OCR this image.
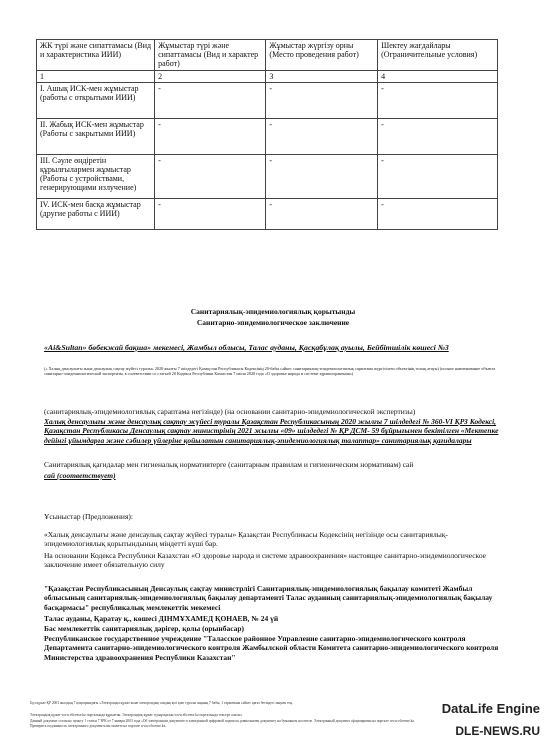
ЖК түрі және сипаттамасы (Вид и характеристика ИИИ)	Жұмыстар түрі және сипаттамасы (Вид и характер работ)	Жұмыстар жүргізу орны (Место проведения работ)	Шектеу жағдайлары (Ограничительные условия)
1	2	3	4
I. Ашық ИСК-мен жұмыстар (работы с открытыми ИИИ)	-	-	-
II. Жабық ИСК-мен жұмыстар (Работы с закрытыми ИИИ)	-	-	-
III. Сәуле өндіретін құрылғылармен жұмыстар (Работы с устройствами, генерирующими излучение)	-	-	-
IV. ИСК-мен басқа жұмыстар (другие работы с ИИИ)	-	-	-
Санитариялық-эпидемиологиялық қорытынды
Санитарно-эпидемиологическое заключение
«Ai&Sultan» бөбекжай бақша» мекемесі, Жамбыл облысы, Талас ауданы, Қасқабұлақ ауылы, Бейбітшілік көшесі №3
(« Халық денсаулығы және денсаулық сақтау жүйесі туралы» 2020 жылғы 7 шілдедегі Қазақстан Республикасы Кодексінің 20-бабы сәйкес санитариялық-эпидемиологиялық сараптама жүргізілген объектінің толық атауы) (полное наименование объекта санитарно-эпидемиологической экспертизы, в соответствии со статьей 20 Кодекса Республики Казахстан 7 июля 2020 года «О здоровье народа и системе здравоохранения»)
(санитариялық-эпидемиологиялық сараптама негізінде) (на основании санитарно-эпидемиологической экспертизы)
Халық денсаулығы және денсаулық сақтау жүйесі туралы Қазақстан Республикасының 2020 жылғы 7 шілдедегі № 360-VI ҚРЗ Кодексі, Қазақстан Республикасы Денсаулық сақтау министрінің 2021 жылғы «09» шілдедегі № ҚР ДСМ- 59 бұйрығымен бекітілген «Мектепке дейінгі ұйымдарға және сәбилер үйлеріне қойылатын санитариялық-эпидемиологиялық талаптар» санитариялық қағидалары
Санитариялық қағидалар мен гигиеналық нормативтерге (санитарным правилам и гигиеническим нормативам) сай
сай (соответствует)
Ұсыныстар (Предложения):
«Халық денсаулығы және денсаулық сақтау жүйесі туралы» Қазақстан Республикасы Кодексінің негізінде осы санитариялық-эпидемиологиялық қорытындының міндетті күші бар.
На основании Кодекса Республики Казахстан «О здоровье народа и системе здравоохранения» настоящее санитарно-эпидемиологическое заключение имеет обязательную силу
"Қазақстан Республикасының Денсаулық сақтау министрлігі Санитариялық-эпидемиологиялық бақылау комитеті Жамбыл облысының санитариялық-эпидемиологиялық бақылау департаменті Талас ауданның санитариялық-эпидемиологиялық бақылау басқармасы" республикалық мемлекеттік мекемесі
Талас ауданы, Қаратау қ., көшесі ДІНМҰХАМЕД ҚОНАЕВ, № 24 үй
Бас мемлекеттік санитариялық дәрігер, қолы (орынбасар)
Республиканское государственное учреждение "Таласское районное Управление санитарно-эпидемиологического контроля Департамента санитарно-эпидемиологического контроля Жамбылской области Комитета санитарно-эпидемиологического контроля Министерства здравоохранения Республики Казахстан"
Бұл құжат ҚР 2003 жылдың 7 қаңтарындағы «Электронды құжат және электрондық сандық қол қою туралы заңның 7 бабы, 1 тармағына сәйкес қағаз бетіндегі заңмен тең.
Электрондық құжат www.elicense.kz порталында құрылған. Электрондық құжат түпнұсқасын www.elicense.kz порталында тексере аласыз.
Данный документ согласно пункту 1 статьи 7 ЗРК от 7 января 2003 года «Об электронном документе и электронной цифровой подписи» равнозначен документу на бумажном носителе. Электронный документ сформирован на портале www.elicense.kz. Проверить подлинность электронного документа вы можете на портале www.elicense.kz.
DataLife Engine
DLE-NEWS.RU
